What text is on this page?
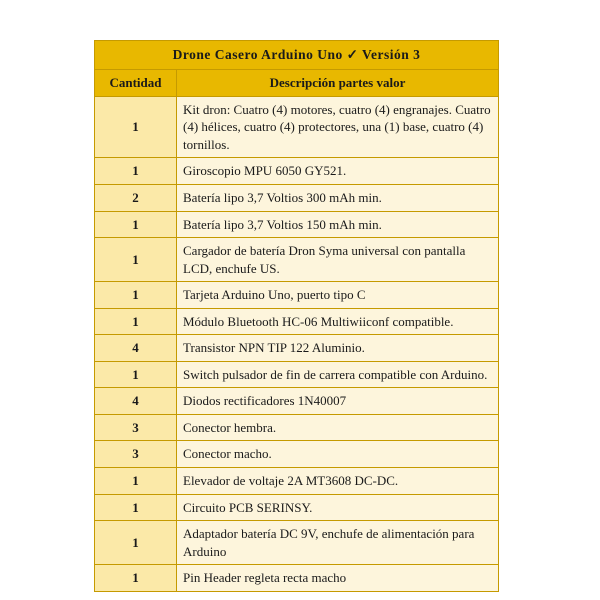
Drone Casero Arduino Uno ✓ Versión 3	
Cantidad	Descripción partes valor
1	Kit dron: Cuatro (4) motores, cuatro (4) engranajes. Cuatro (4) hélices, cuatro (4) protectores, una (1) base, cuatro (4) tornillos.
1	Giroscopio MPU 6050 GY521.
2	Batería lipo 3,7 Voltios 300 mAh min.
1	Batería lipo 3,7 Voltios 150 mAh min.
1	Cargador de batería Dron Syma universal con pantalla LCD, enchufe US.
1	Tarjeta Arduino Uno, puerto tipo C
1	Módulo Bluetooth HC-06 Multiwiiconf compatible.
4	Transistor NPN TIP 122 Aluminio.
1	Switch pulsador de fin de carrera compatible con Arduino.
4	Diodos rectificadores 1N40007
3	Conector hembra.
3	Conector macho.
1	Elevador de voltaje 2A MT3608 DC-DC.
1	Circuito PCB SERINSY.
1	Adaptador batería DC 9V, enchufe de alimentación para Arduino
1	Pin Header regleta recta macho
